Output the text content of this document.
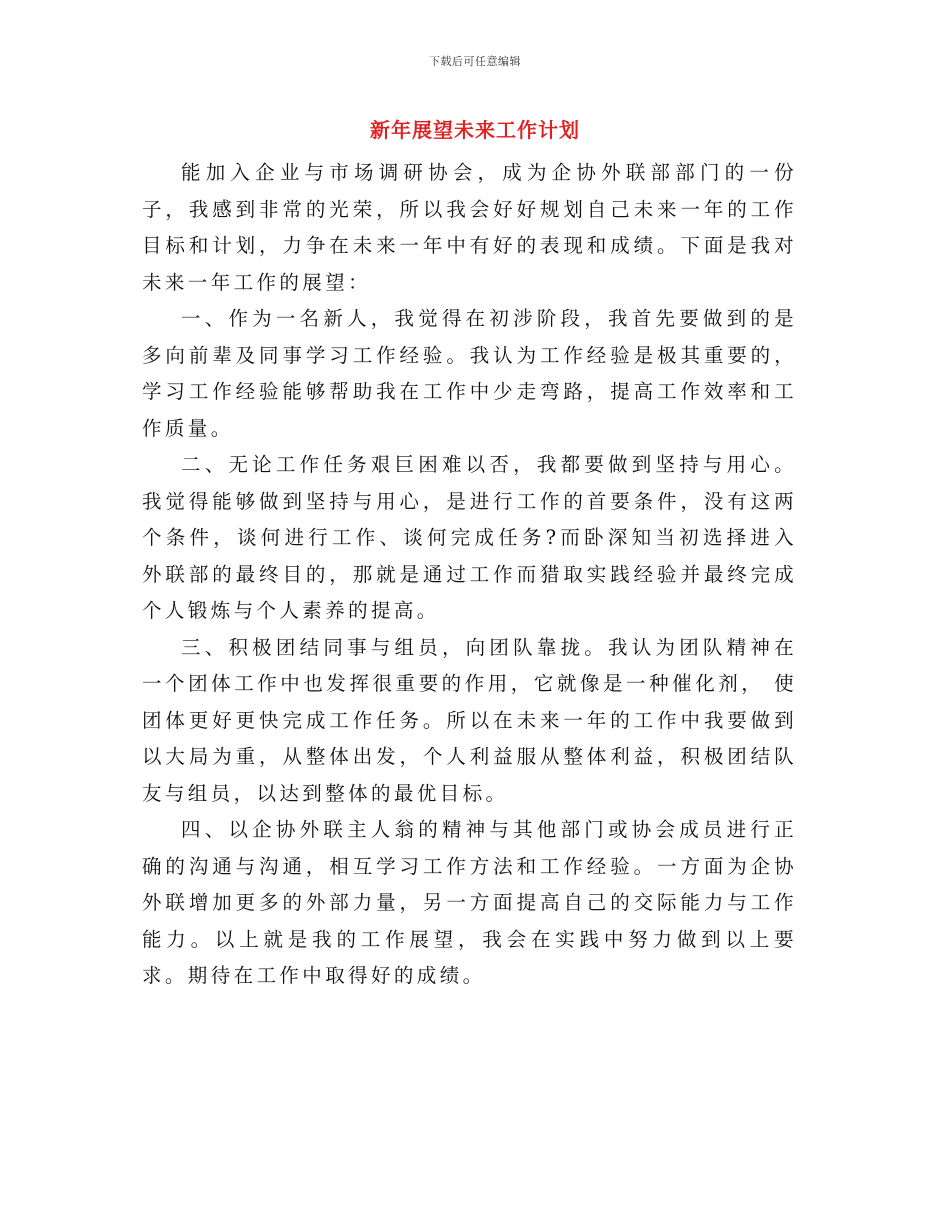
下载后可任意编辑
新年展望未来工作计划

能加入企业与市场调研协会，成为企协外联部部门的一份子，我感到非常的光荣，所以我会好好规划自己未来一年的工作目标和计划，力争在未来一年中有好的表现和成绩。下面是我对未来一年工作的展望：

一、作为一名新人，我觉得在初涉阶段，我首先要做到的是多向前辈及同事学习工作经验。我认为工作经验是极其重要的，学习工作经验能够帮助我在工作中少走弯路，提高工作效率和工作质量。

二、无论工作任务艰巨困难以否，我都要做到坚持与用心。我觉得能够做到坚持与用心，是进行工作的首要条件，没有这两个条件，谈何进行工作、谈何完成任务?而卧深知当初选择进入外联部的最终目的，那就是通过工作而猎取实践经验并最终完成个人锻炼与个人素养的提高。

三、积极团结同事与组员，向团队靠拢。我认为团队精神在一个团体工作中也发挥很重要的作用，它就像是一种催化剂， 使团体更好更快完成工作任务。所以在未来一年的工作中我要做到以大局为重，从整体出发，个人利益服从整体利益，积极团结队友与组员，以达到整体的最优目标。

四、以企协外联主人翁的精神与其他部门或协会成员进行正确的沟通与沟通，相互学习工作方法和工作经验。一方面为企协外联增加更多的外部力量，另一方面提高自己的交际能力与工作能力。以上就是我的工作展望，我会在实践中努力做到以上要求。期待在工作中取得好的成绩。
